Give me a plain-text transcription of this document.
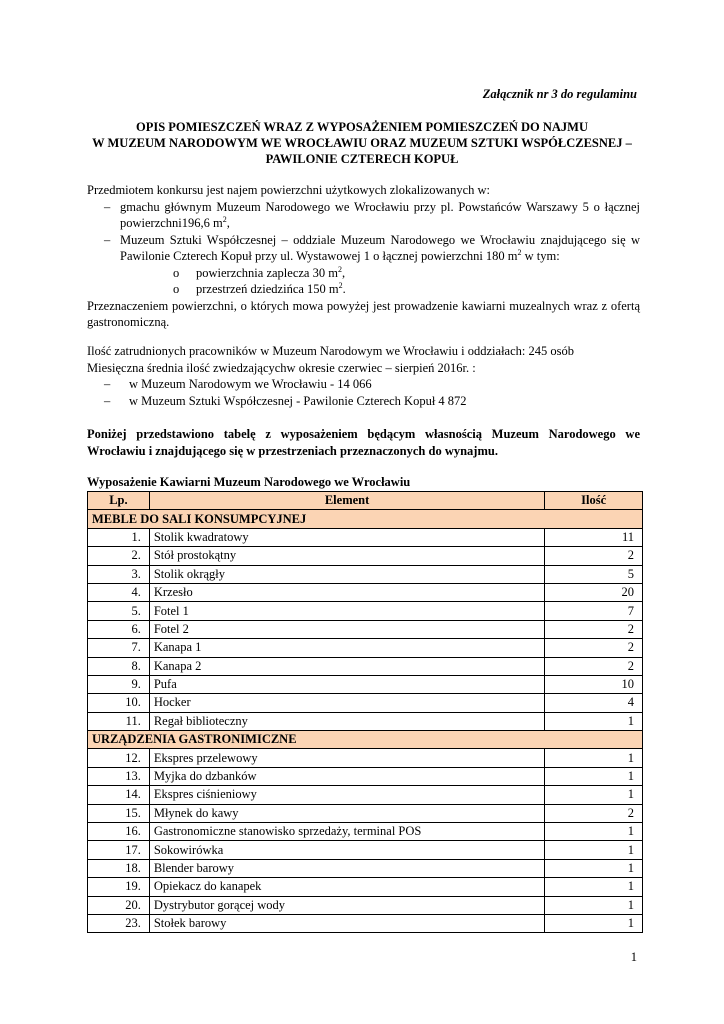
Załącznik nr 3 do regulaminu
OPIS POMIESZCZEŃ WRAZ Z WYPOSAŻENIEM POMIESZCZEŃ DO NAJMU
W MUZEUM NARODOWYM WE WROCŁAWIU ORAZ MUZEUM SZTUKI WSPÓŁCZESNEJ –
PAWILONIE CZTERECH KOPUŁ
Przedmiotem konkursu jest najem powierzchni użytkowych zlokalizowanych w:
– gmachu głównym Muzeum Narodowego we Wrocławiu przy pl. Powstańców Warszawy 5 o łącznej powierzchni196,6 $m^2$,
– Muzeum Sztuki Współczesnej – oddziale Muzeum Narodowego we Wrocławiu znajdującego się w Pawilonie Czterech Kopuł przy ul. Wystawowej 1 o łącznej powierzchni 180 $m^2$ w tym:
o powierzchnia zaplecza 30 $m^2$,
o przestrzeń dziedzińca 150 $m^2$.
Przeznaczeniem powierzchni, o których mowa powyżej jest prowadzenie kawiarni muzealnych wraz z ofertą gastronomiczną.
Ilość zatrudnionych pracowników w Muzeum Narodowym we Wrocławiu i oddziałach: 245 osób
Miesięczna średnia ilość zwiedzającychw okresie czerwiec – sierpień 2016r. :
– w Muzeum Narodowym we Wrocławiu - 14 066
– w Muzeum Sztuki Współczesnej - Pawilonie Czterech Kopuł 4 872
Poniżej przedstawiono tabelę z wyposażeniem będącym własnością Muzeum Narodowego we Wrocławiu i znajdującego się w przestrzeniach przeznaczonych do wynajmu.
Wyposażenie Kawiarni Muzeum Narodowego we Wrocławiu
Lp.	Element	Ilość
MEBLE DO SALI KONSUMPCYJNEJ		
1.	Stolik kwadratowy	11
2.	Stół prostokątny	2
3.	Stolik okrągły	5
4.	Krzesło	20
5.	Fotel 1	7
6.	Fotel 2	2
7.	Kanapa 1	2
8.	Kanapa 2	2
9.	Pufa	10
10.	Hocker	4
11.	Regał biblioteczny	1
URZĄDZENIA GASTRONIMICZNE		
12.	Ekspres przelewowy	1
13.	Myjka do dzbanków	1
14.	Ekspres ciśnieniowy	1
15.	Młynek do kawy	2
16.	Gastronomiczne stanowisko sprzedaży, terminal POS	1
17.	Sokowirówka	1
18.	Blender barowy	1
19.	Opiekacz do kanapek	1
20.	Dystrybutor gorącej wody	1
23.	Stołek barowy	1
1
